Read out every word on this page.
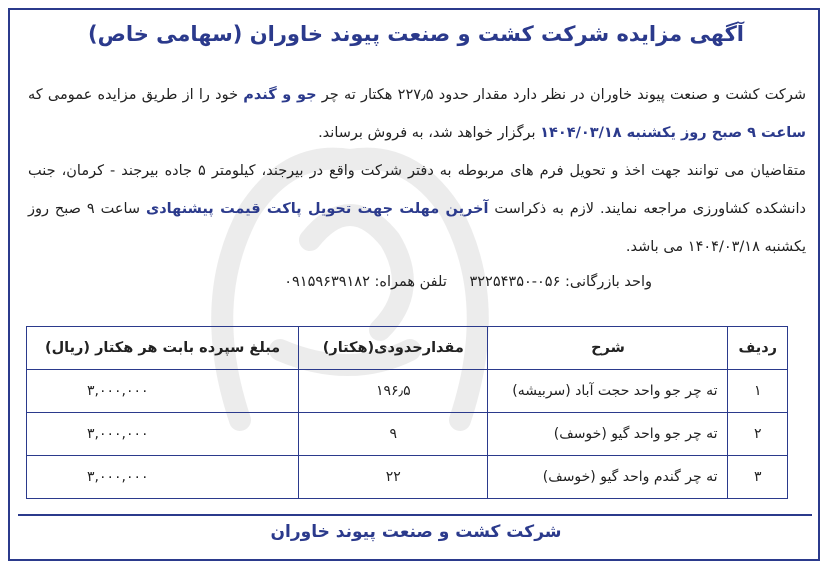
آگهی مزایده شرکت کشت و صنعت پیوند خاوران (سهامی خاص)

شرکت کشت و صنعت پیوند خاوران در نظر دارد مقدار حدود ۲۲۷٫۵ هکتار ته چر جو و گندم خود را از طریق مزایده عمومی که ساعت ۹ صبح روز یکشنبه ۱۴۰۴/۰۳/۱۸ برگزار خواهد شد، به فروش برساند.

متقاضیان می توانند جهت اخذ و تحویل فرم های مربوطه به دفتر شرکت واقع در بیرجند، کیلومتر ۵ جاده بیرجند - کرمان، جنب دانشکده کشاورزی مراجعه نمایند. لازم به ذکراست آخرین مهلت جهت تحویل پاکت قیمت پیشنهادی ساعت ۹ صبح روز یکشنبه ۱۴۰۴/۰۳/۱۸ می باشد.

واحد بازرگانی: ۰۵۶-۳۲۲۵۴۳۵۰ تلفن همراه: ۰۹۱۵۹۶۳۹۱۸۲
ردیف	شرح	مقدارحدودی(هکتار)	مبلغ سپرده بابت هر هکتار (ریال)
۱	ته چر جو واحد حجت آباد (سربیشه)	۱۹۶٫۵	۳,۰۰۰,۰۰۰
۲	ته چر جو واحد گیو (خوسف)	۹	۳,۰۰۰,۰۰۰
۳	ته چر گندم واحد گیو (خوسف)	۲۲	۳,۰۰۰,۰۰۰
شرکت کشت و صنعت پیوند خاوران
